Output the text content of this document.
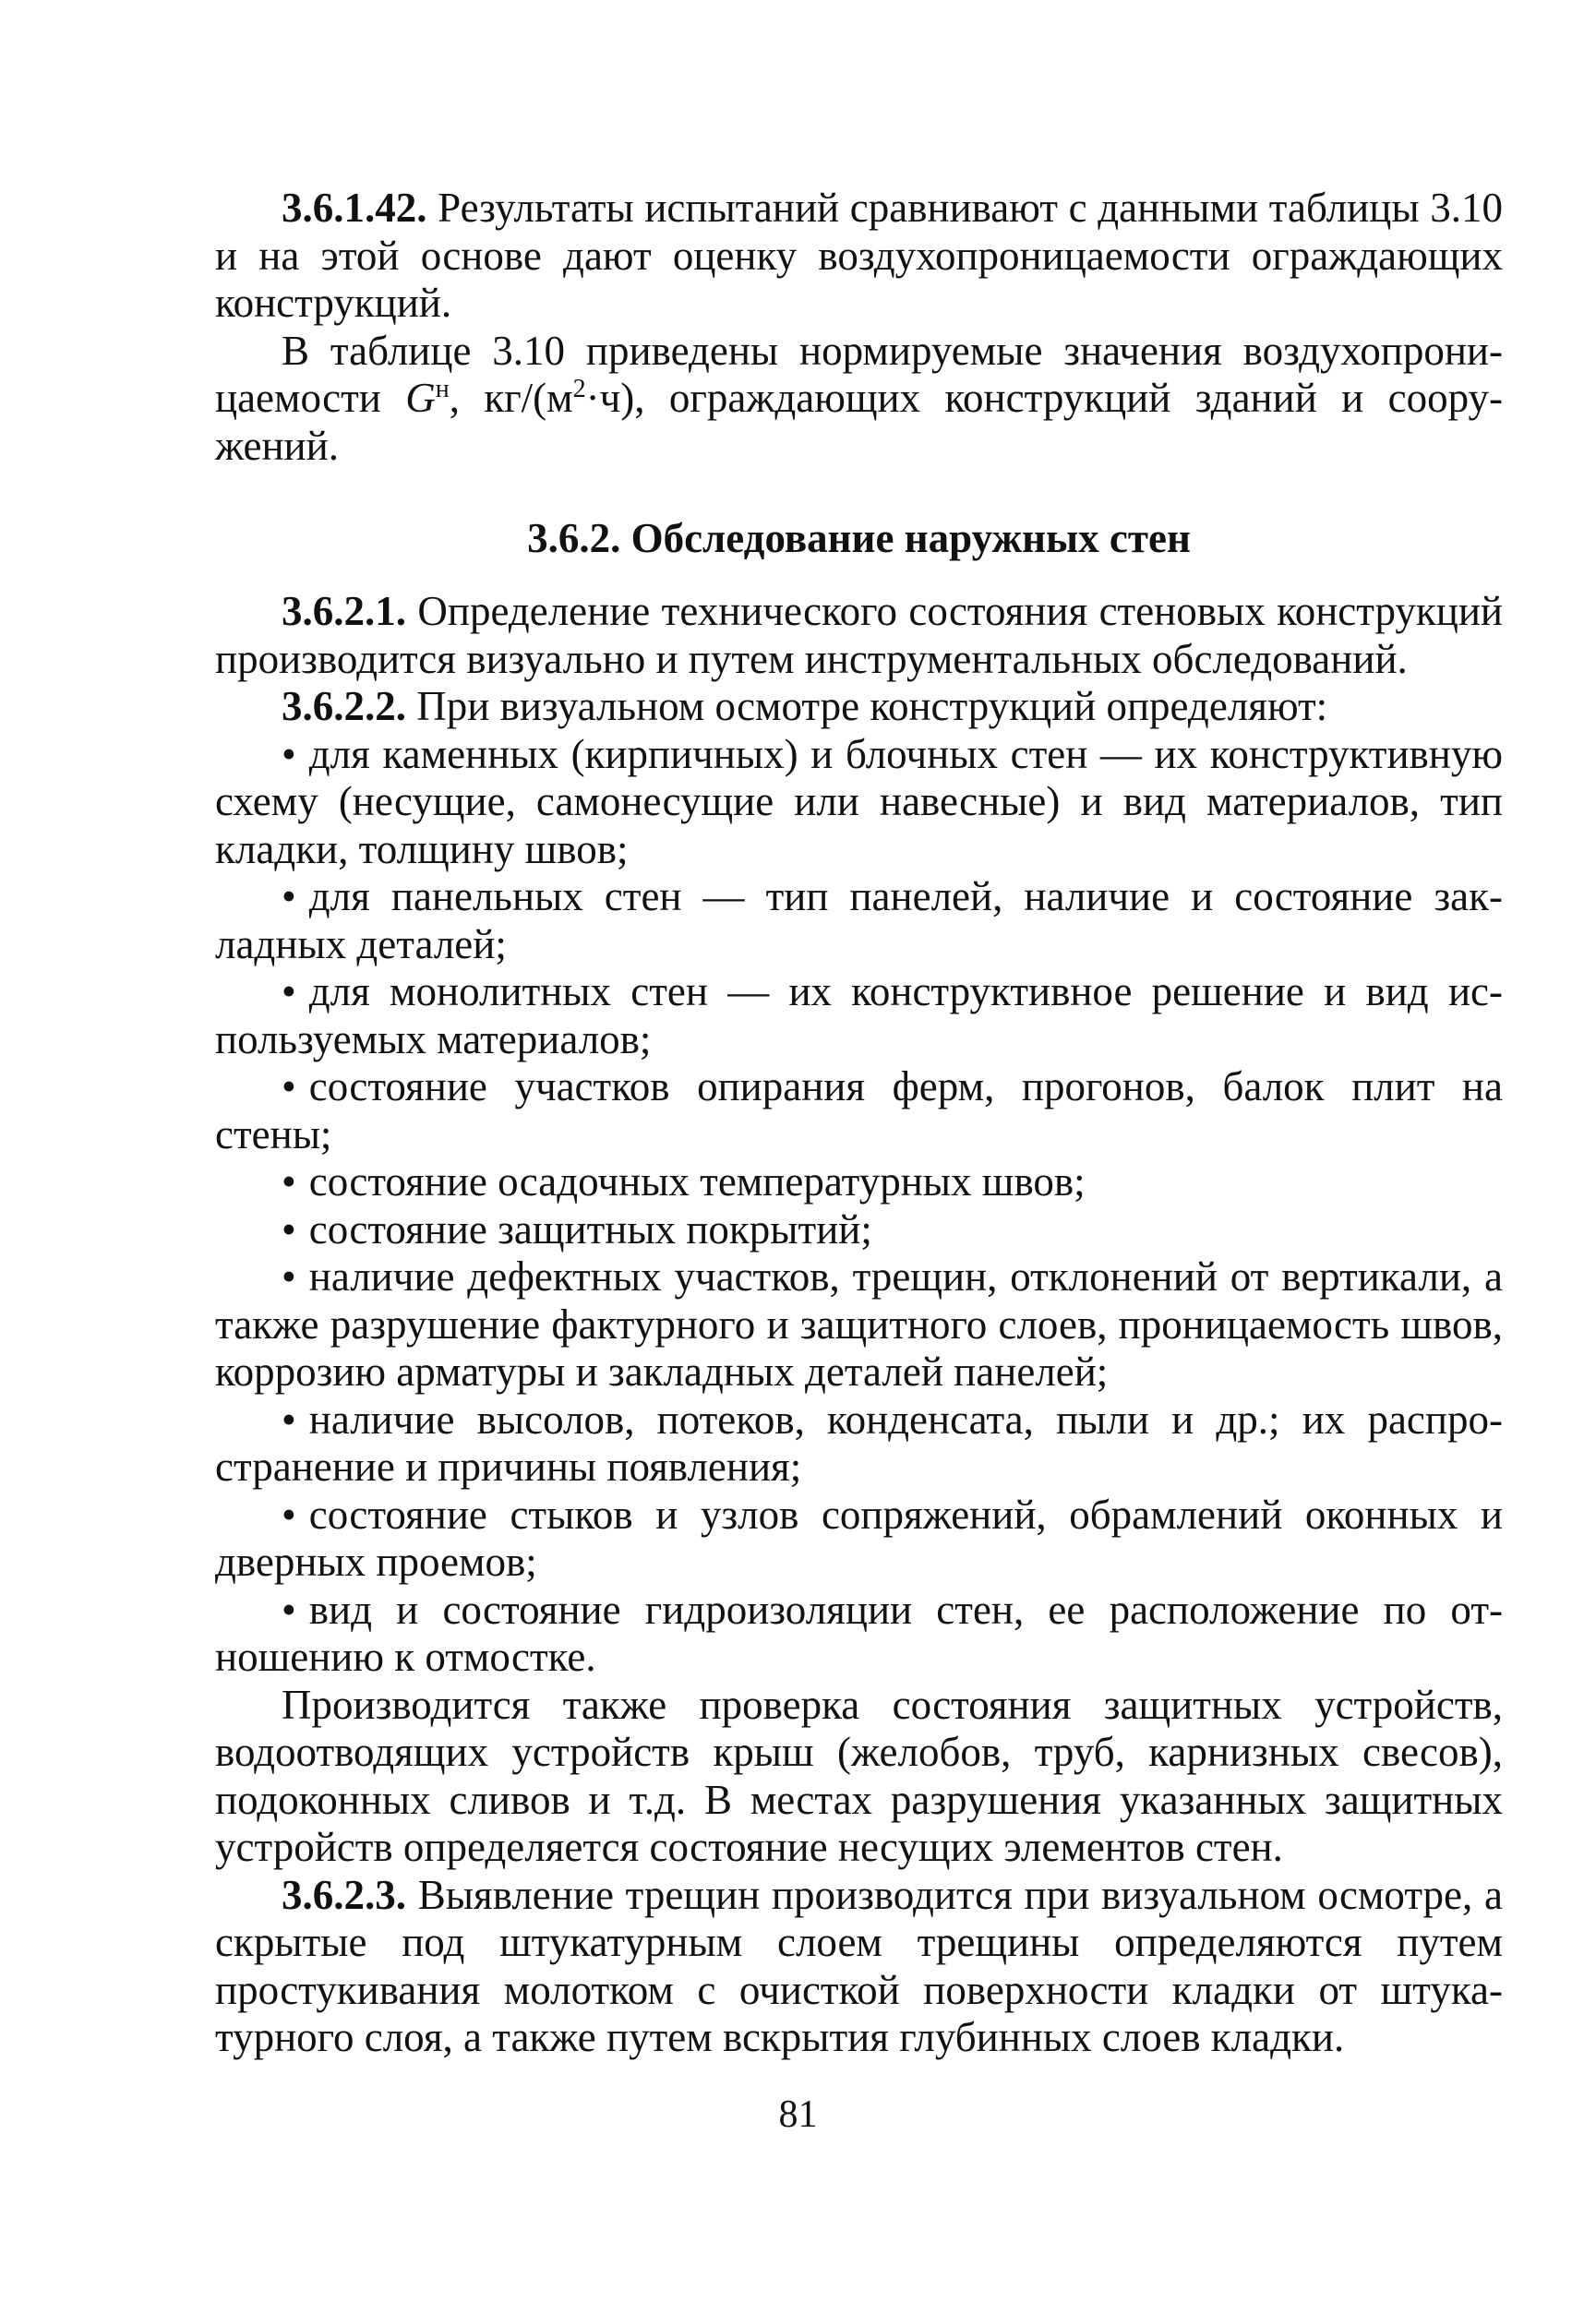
3.6.1.42. Результаты испытаний сравнивают с данными таблицы 3.10 и на этой основе дают оценку воздухопроницаемости ограждающих конструкций.

В таблице 3.10 приведены нормируемые значения воздухопроницаемости $G^н$, $кг/(м^2\cdot ч)$, ограждающих конструкций зданий и сооружений.

3.6.2. Обследование наружных стен

3.6.2.1. Определение технического состояния стеновых конструкций производится визуально и путем инструментальных обследований.

3.6.2.2. При визуальном осмотре конструкций определяют:

• для каменных (кирпичных) и блочных стен — их конструктивную схему (несущие, самонесущие или навесные) и вид материалов, тип кладки, толщину швов;

• для панельных стен — тип панелей, наличие и состояние закладных деталей;

• для монолитных стен — их конструктивное решение и вид используемых материалов;

• состояние участков опирания ферм, прогонов, балок плит на стены;

• состояние осадочных температурных швов;

• состояние защитных покрытий;

• наличие дефектных участков, трещин, отклонений от вертикали, а также разрушение фактурного и защитного слоев, проницаемость швов, коррозию арматуры и закладных деталей панелей;

• наличие высолов, потеков, конденсата, пыли и др.; их распространение и причины появления;

• состояние стыков и узлов сопряжений, обрамлений оконных и дверных проемов;

• вид и состояние гидроизоляции стен, ее расположение по отношению к отмостке.

Производится также проверка состояния защитных устройств, водоотводящих устройств крыш (желобов, труб, карнизных свесов), подоконных сливов и т.д. В местах разрушения указанных защитных устройств определяется состояние несущих элементов стен.

3.6.2.3. Выявление трещин производится при визуальном осмотре, а скрытые под штукатурным слоем трещины определяются путем простукивания молотком с очисткой поверхности кладки от штукатурного слоя, а также путем вскрытия глубинных слоев кладки.

81
